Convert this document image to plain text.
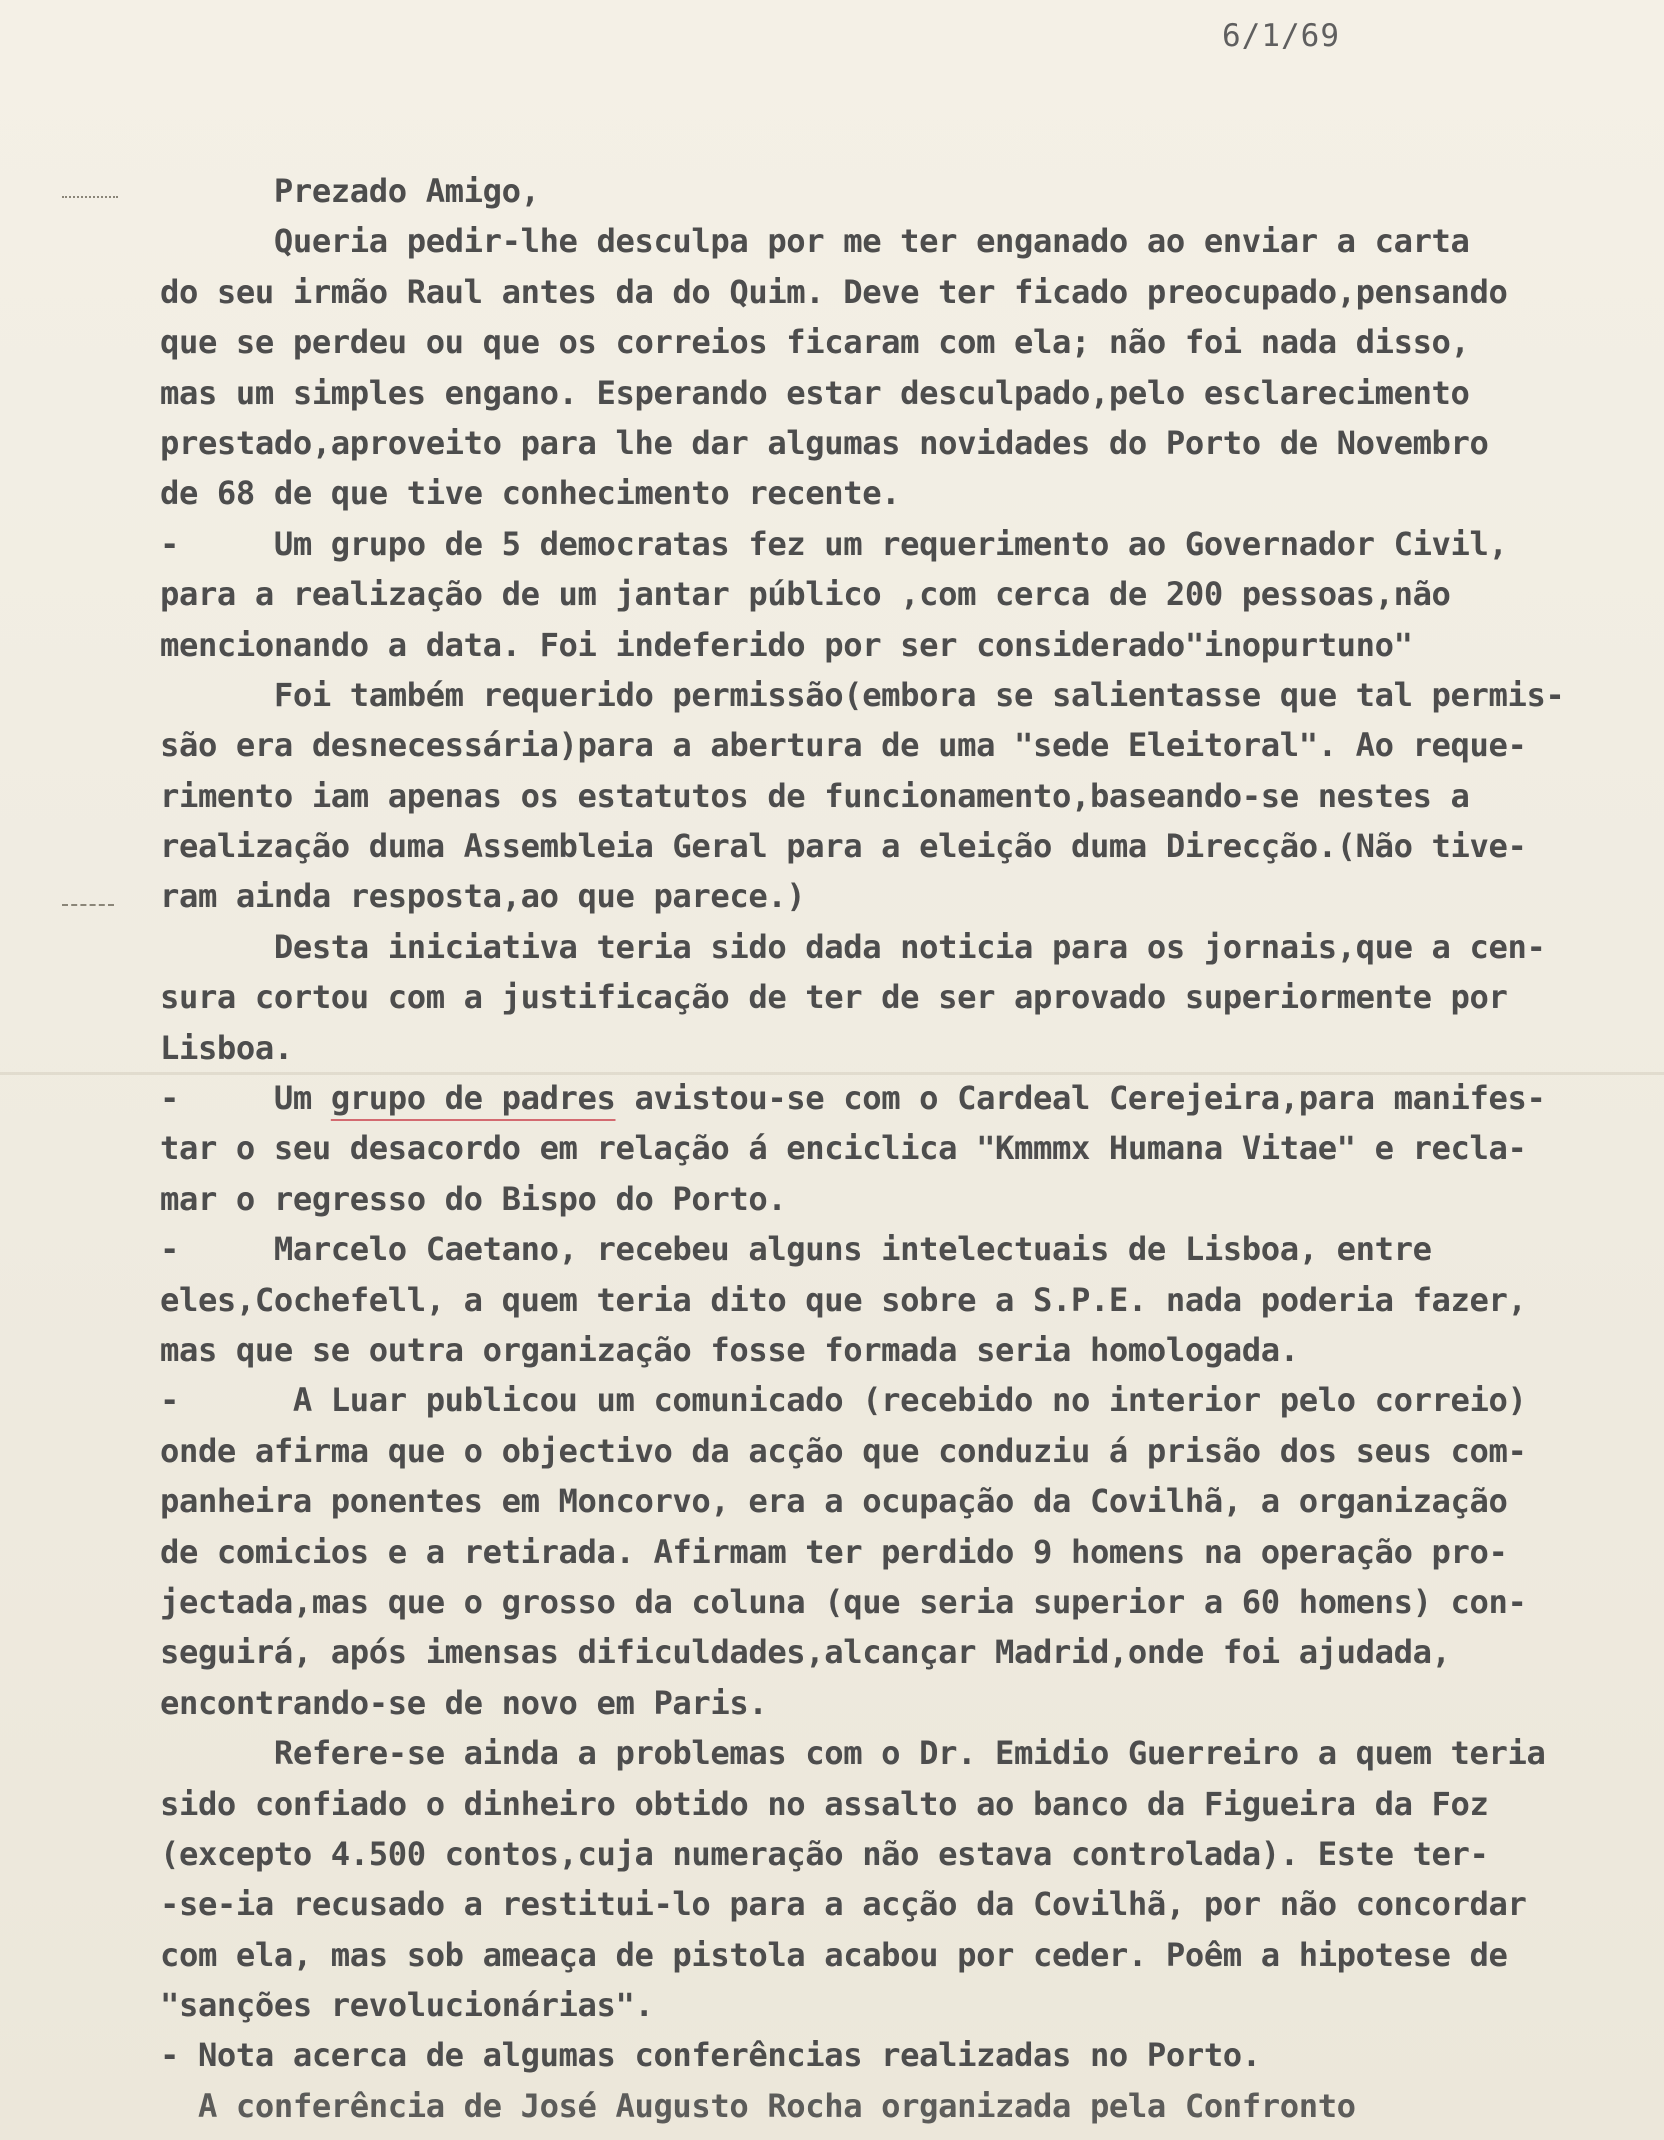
6/1/69
Prezado Amigo,
Queria pedir-lhe desculpa por me ter enganado ao enviar a carta
do seu irmão Raul antes da do Quim. Deve ter ficado preocupado,pensando
que se perdeu ou que os correios ficaram com ela; não foi nada disso,
mas um simples engano. Esperando estar desculpado,pelo esclarecimento
prestado,aproveito para lhe dar algumas novidades do Porto de Novembro
de 68 de que tive conhecimento recente.
-     Um grupo de 5 democratas fez um requerimento ao Governador Civil,
para a realização de um jantar público ,com cerca de 200 pessoas,não
mencionando a data. Foi indeferido por ser considerado"inopurtuno"
Foi também requerido permissão(embora se salientasse que tal permis-
são era desnecessária)para a abertura de uma "sede Eleitoral". Ao reque-
rimento iam apenas os estatutos de funcionamento,baseando-se nestes a
realização duma Assembleia Geral para a eleição duma Direcção.(Não tive-
ram ainda resposta,ao que parece.)
Desta iniciativa teria sido dada noticia para os jornais,que a cen-
sura cortou com a justificação de ter de ser aprovado superiormente por
Lisboa.
-     Um grupo de padres avistou-se com o Cardeal Cerejeira,para manifes-
tar o seu desacordo em relação á enciclica "Kmmmx Humana Vitae" e recla-
mar o regresso do Bispo do Porto.
-     Marcelo Caetano, recebeu alguns intelectuais de Lisboa, entre
eles,Cochefell, a quem teria dito que sobre a S.P.E. nada poderia fazer,
mas que se outra organização fosse formada seria homologada.
-      A Luar publicou um comunicado (recebido no interior pelo correio)
onde afirma que o objectivo da acção que conduziu á prisão dos seus com-
panheira ponentes em Moncorvo, era a ocupação da Covilhã, a organização
de comicios e a retirada. Afirmam ter perdido 9 homens na operação pro-
jectada,mas que o grosso da coluna (que seria superior a 60 homens) con-
seguirá, após imensas dificuldades,alcançar Madrid,onde foi ajudada,
encontrando-se de novo em Paris.
Refere-se ainda a problemas com o Dr. Emidio Guerreiro a quem teria
sido confiado o dinheiro obtido no assalto ao banco da Figueira da Foz
(excepto 4.500 contos,cuja numeração não estava controlada). Este ter-
-se-ia recusado a restitui-lo para a acção da Covilhã, por não concordar
com ela, mas sob ameaça de pistola acabou por ceder. Poêm a hipotese de
"sanções revolucionárias".
- Nota acerca de algumas conferências realizadas no Porto.
A conferência de José Augusto Rocha organizada pela Confronto
